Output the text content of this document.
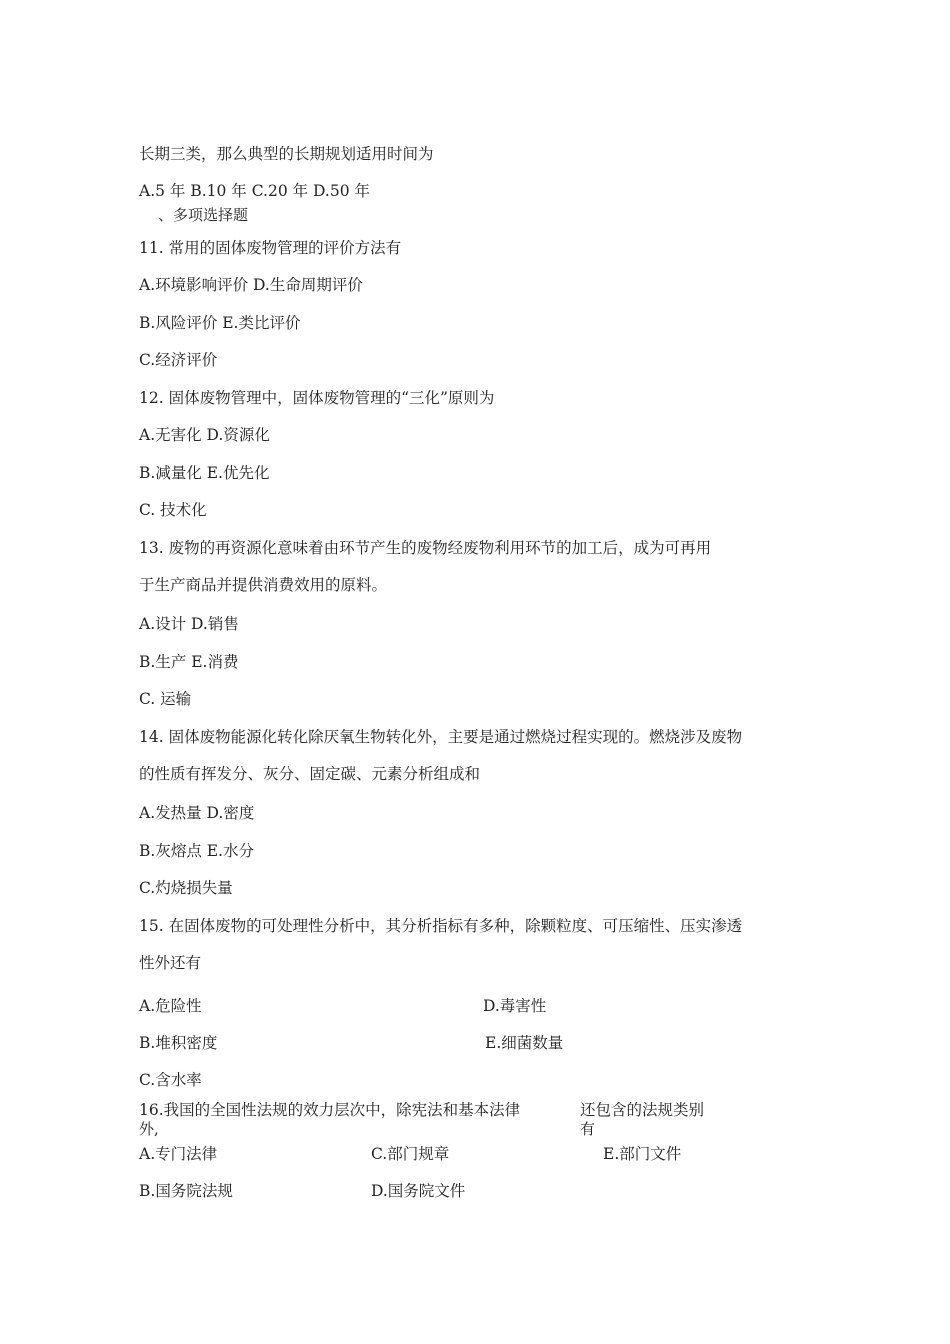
长期三类，那么典型的长期规划适用时间为

A.5 年 B.10 年 C.20 年 D.50 年

、多项选择题

11. 常用的固体废物管理的评价方法有

A.环境影响评价 D.生命周期评价

B.风险评价 E.类比评价

C.经济评价

12. 固体废物管理中，固体废物管理的“三化”原则为

A.无害化 D.资源化

B.减量化 E.优先化

C. 技术化

13. 废物的再资源化意味着由环节产生的废物经废物利用环节的加工后，成为可再用

于生产商品并提供消费效用的原料。

A.设计 D.销售

B.生产 E.消费

C. 运输

14. 固体废物能源化转化除厌氧生物转化外，主要是通过燃烧过程实现的。燃烧涉及废物

的性质有挥发分、灰分、固定碳、元素分析组成和

A.发热量 D.密度

B.灰熔点 E.水分

C.灼烧损失量

15. 在固体废物的可处理性分析中，其分析指标有多种，除颗粒度、可压缩性、压实渗透

性外还有

A.危险性	D.毒害性

B.堆积密度	E.细菌数量

C.含水率

16.我国的全国性法规的效力层次中，除宪法和基本法律

外,

还包含的法规类别

有

A.专门法律	C.部门规章	E.部门文件

B.国务院法规	D.国务院文件
